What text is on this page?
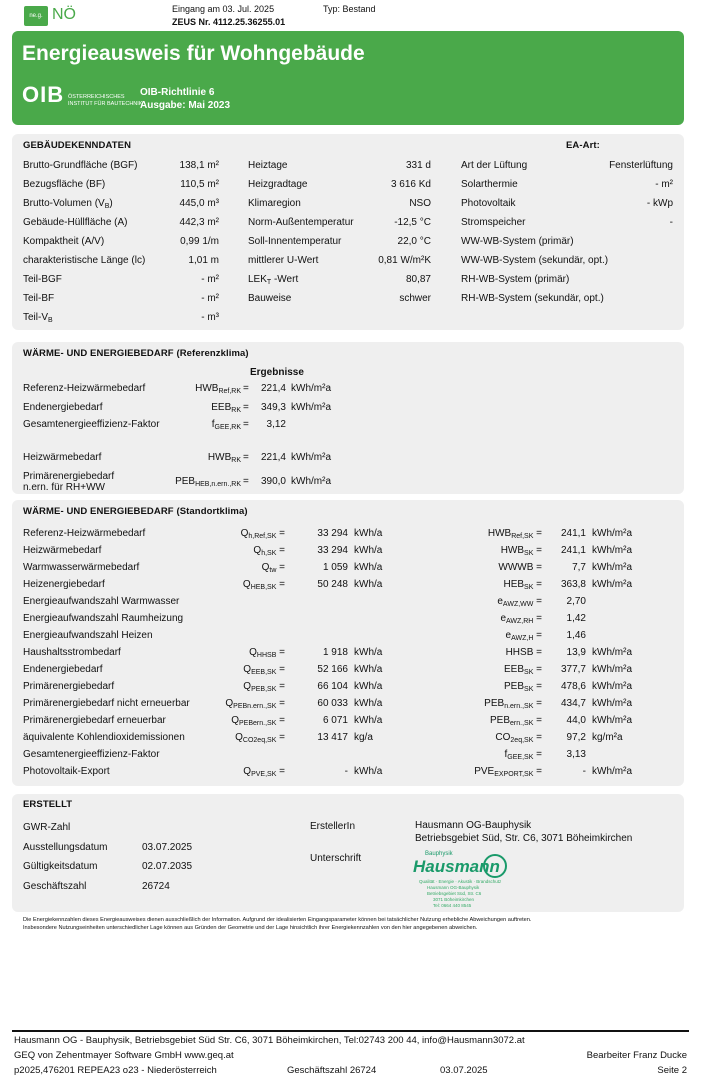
ne.g. NÖ	Eingang am 03. Jul. 2025	Typ: Bestand
ZEUS Nr. 4112.25.36255.01
Energieausweis für Wohngebäude
OIB ÖSTERREICHISCHES
INSTITUT FÜR BAUTECHNIK
OIB-Richtlinie 6
Ausgabe: Mai 2023
GEBÄUDEKENNDATEN	EA-Art:
Brutto-Grundfläche (BGF)	138,1 m²
Bezugsfläche (BF)	110,5 m²
Brutto-Volumen $(V_B)$	445,0 m³
Gebäude-Hüllfläche (A)	442,3 m²
Kompaktheit (A/V)	0,99 1/m
charakteristische Länge (lc)	1,01 m
Teil-BGF	- m²
Teil-BF	- m²
Teil-$V_B$	- m³
Heiztage	331 d
Heizgradtage	3 616 Kd
Klimaregion	NSO
Norm-Außentemperatur	-12,5 °C
Soll-Innentemperatur	22,0 °C
mittlerer U-Wert	0,81 W/m²K
$LEK_T$ -Wert	80,87
Bauweise	schwer
Art der Lüftung	Fensterlüftung
Solarthermie	- m²
Photovoltaik	- kWp
Stromspeicher	-
WW-WB-System (primär)
WW-WB-System (sekundär, opt.)
RH-WB-System (primär)
RH-WB-System (sekundär, opt.)
WÄRME- UND ENERGIEBEDARF (Referenzklima)
Ergebnisse
Referenz-Heizwärmebedarf	$HWB_{Ref,RK} = 221,4$ kWh/m²a
Endenergiebedarf	$EEB_{RK} = 349,3$ kWh/m²a
Gesamtenergieeffizienz-Faktor	$f_{GEE,RK} = 3,12$
Heizwärmebedarf	$HWB_{RK} = 221,4$ kWh/m²a
Primärenergiebedarf
n.ern. für RH+WW
$PEB_{HEB,n.ern.,RK} = 390,0$ kWh/m²a
WÄRME- UND ENERGIEBEDARF (Standortklima)
Referenz-Heizwärmebedarf	$Q_{h,Ref,SK}$ =	33 294 kWh/a	$HWB_{Ref,SK} = 241,1$ kWh/m²a
Heizwärmebedarf	$Q_{h,SK}$ =	33 294 kWh/a	$HWB_{SK} = 241,1$ kWh/m²a
Warmwasserwärmebedarf	$Q_{tw}$ =	1 059 kWh/a	WWWB =	7,7 kWh/m²a
Heizenergiebedarf	$Q_{HEB,SK}$ =	50 248 kWh/a	$HEB_{SK} = 363,8$ kWh/m²a
Energieaufwandszahl Warmwasser	$e_{AWZ,WW} = 2,70$
Energieaufwandszahl Raumheizung	$e_{AWZ,RH} = 1,42$
Energieaufwandszahl Heizen	$e_{AWZ,H} = 1,46$
Haushaltsstrombedarf	$Q_{HHSB}$ =	1 918 kWh/a	HHSB = 13,9 kWh/m²a
Endenergiebedarf	$Q_{EEB,SK}$ =	52 166 kWh/a	$EEB_{SK} = 377,7$ kWh/m²a
Primärenergiebedarf	$Q_{PEB,SK}$ =	66 104 kWh/a	$PEB_{SK} = 478,6$ kWh/m²a
Primärenergiebedarf nicht erneuerbar	$Q_{PEBn.ern.,SK}$ =	60 033 kWh/a	$PEB_{n.ern.,SK} = 434,7$ kWh/m²a
Primärenergiebedarf erneuerbar	$Q_{PEBern.,SK}$ =	6 071 kWh/a	$PEB_{ern.,SK} = 44,0$ kWh/m²a
äquivalente Kohlendioxidemissionen	$Q_{CO2eq,SK}$ =	13 417 kg/a	$CO_{2eq,SK} = 97,2$ kg/m²a
Gesamtenergieeffizienz-Faktor	$f_{GEE,SK} = 3,13$
Photovoltaik-Export	$Q_{PVE,SK}$ =	- kWh/a	$PVE_{EXPORT,SK}$ =	- kWh/m²a
ERSTELLT
GWR-Zahl
Ausstellungsdatum	03.07.2025
Gültigkeitsdatum	02.07.2035
Geschäftszahl	26724
ErstellerIn	Hausmann OG-Bauphysik
Betriebsgebiet Süd, Str. C6, 3071 Böheimkirchen
Unterschrift	Bauphysik
Hausmann
Qualität · Energie · Akustik · Brandschutz
Hausmann OG-Bauphysik
Betriebsgebiet Süd, Str. C6
3071 Böheimkirchen
Tel: 0664 440 8545
Die Energiekennzahlen dieses Energieausweises dienen ausschließlich der Information. Aufgrund der idealisierten Eingangsparameter können bei tatsächlicher Nutzung erhebliche Abweichungen auftreten.
Insbesondere Nutzungseinheiten unterschiedlicher Lage können aus Gründen der Geometrie und der Lage hinsichtlich ihrer Energiekennzahlen von den hier angegebenen abweichen.
Hausmann OG - Bauphysik, Betriebsgebiet Süd Str. C6, 3071 Böheimkirchen, Tel:02743 200 44, info@Hausmann3072.at
GEQ von Zehentmayer Software GmbH www.geq.at	Bearbeiter Franz Ducke
p2025,476201 REPEA23 o23 - Niederösterreich	Geschäftszahl 26724	03.07.2025	Seite 2
